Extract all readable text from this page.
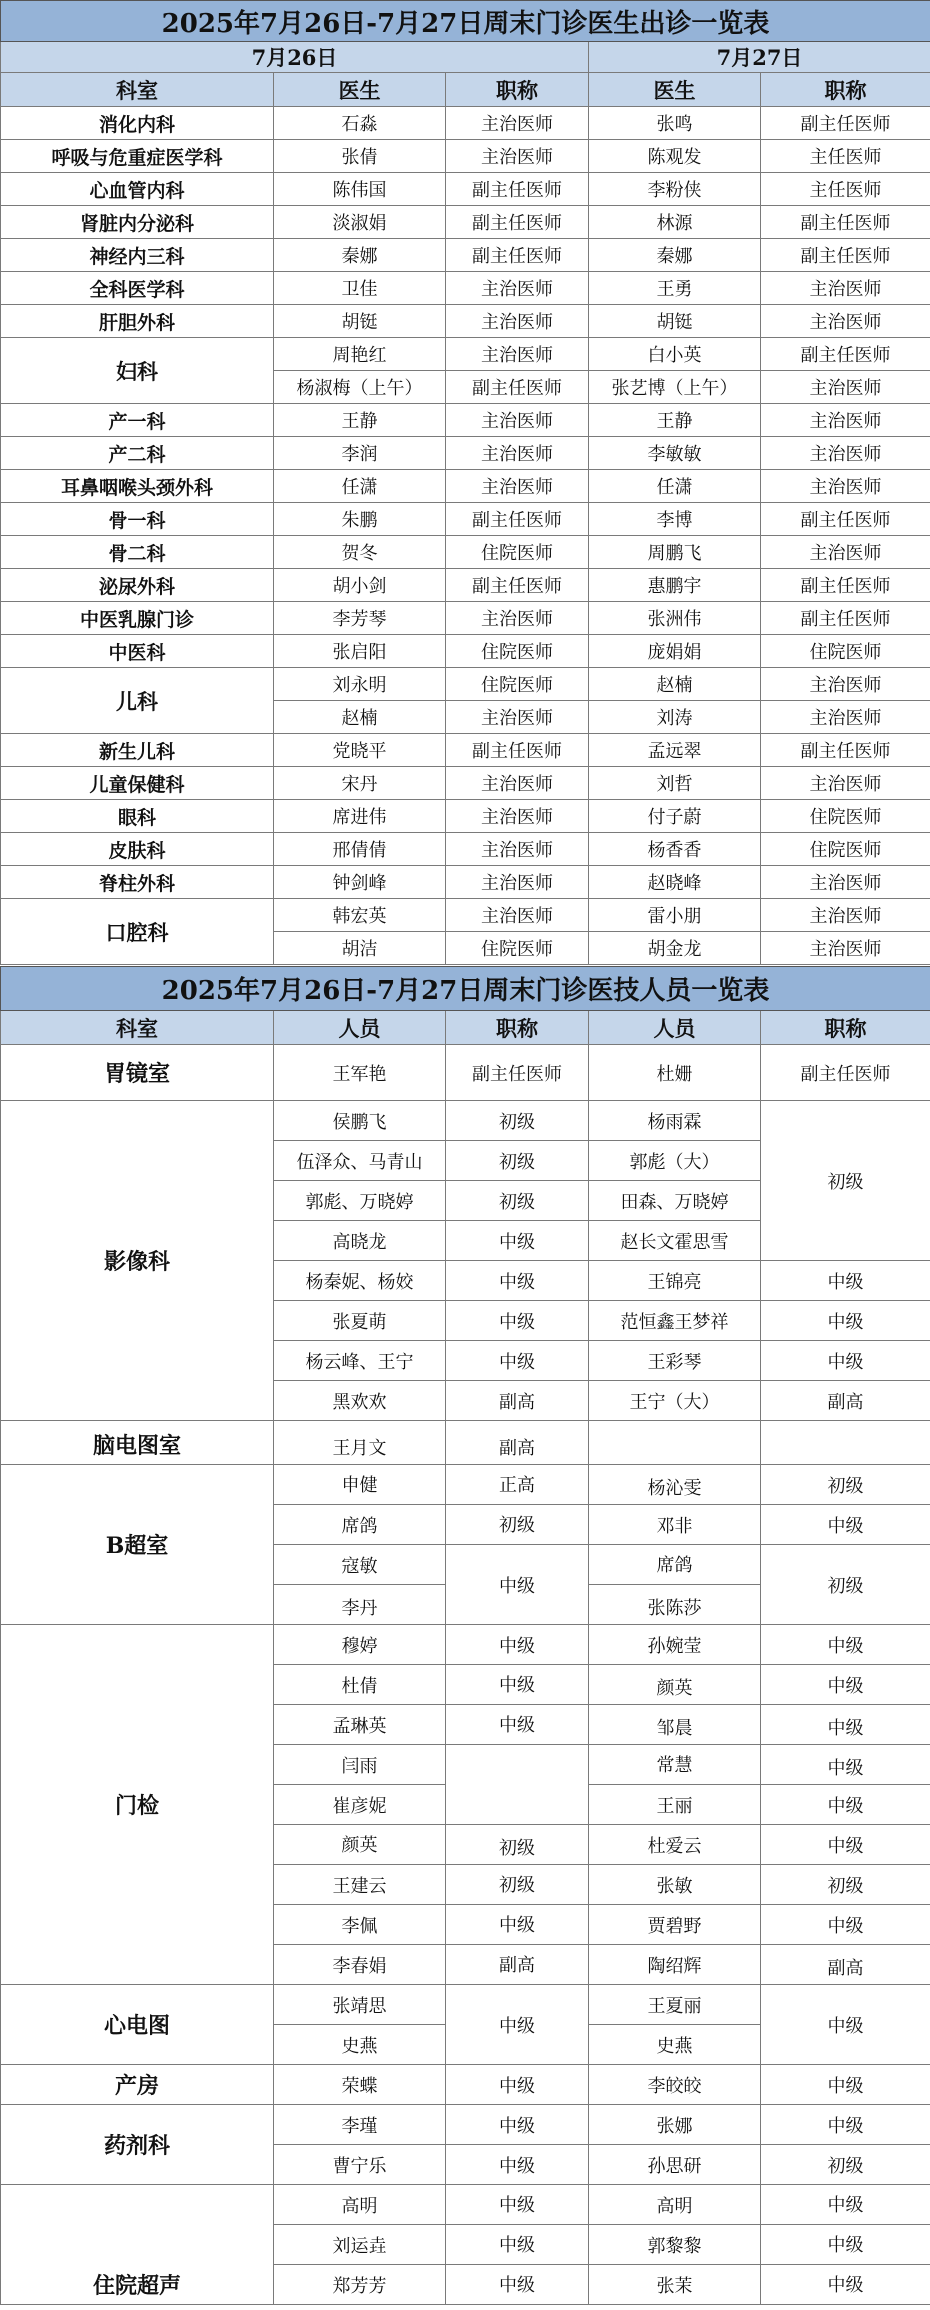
2025年7月26日-7月27日周末门诊医生出诊一览表				
7月26日			7月27日	
科室	医生	职称	医生	职称
消化内科	石淼	主治医师	张鸣	副主任医师
呼吸与危重症医学科	张倩	主治医师	陈观发	主任医师
心血管内科	陈伟国	副主任医师	李粉侠	主任医师
肾脏内分泌科	淡淑娟	副主任医师	林源	副主任医师
神经内三科	秦娜	副主任医师	秦娜	副主任医师
全科医学科	卫佳	主治医师	王勇	主治医师
肝胆外科	胡铤	主治医师	胡铤	主治医师
妇科	周艳红	主治医师	白小英	副主任医师
	杨淑梅（上午）	副主任医师	张艺博（上午）	主治医师
产一科	王静	主治医师	王静	主治医师
产二科	李润	主治医师	李敏敏	主治医师
耳鼻咽喉头颈外科	任潇	主治医师	任潇	主治医师
骨一科	朱鹏	副主任医师	李博	副主任医师
骨二科	贺冬	住院医师	周鹏飞	主治医师
泌尿外科	胡小剑	副主任医师	惠鹏宇	副主任医师
中医乳腺门诊	李芳琴	主治医师	张洲伟	副主任医师
中医科	张启阳	住院医师	庞娟娟	住院医师
儿科	刘永明	住院医师	赵楠	主治医师
	赵楠	主治医师	刘涛	主治医师
新生儿科	党晓平	副主任医师	孟远翠	副主任医师
儿童保健科	宋丹	主治医师	刘哲	主治医师
眼科	席进伟	主治医师	付子蔚	住院医师
皮肤科	邢倩倩	主治医师	杨香香	住院医师
脊柱外科	钟剑峰	主治医师	赵晓峰	主治医师
口腔科	韩宏英	主治医师	雷小朋	主治医师
	胡洁	住院医师	胡金龙	主治医师
2025年7月26日-7月27日周末门诊医技人员一览表				
科室	人员	职称	人员	职称
胃镜室	王军艳	副主任医师	杜姗	副主任医师
影像科	侯鹏飞	初级	杨雨霖	初级
	伍泽众、马青山	初级	郭彪（大）	
	郭彪、万晓婷	初级	田森、万晓婷	
	高晓龙	中级	赵长文霍思雪	
	杨秦妮、杨姣	中级	王锦亮	中级
	张夏萌	中级	范恒鑫王梦祥	中级
	杨云峰、王宁	中级	王彩琴	中级
	黑欢欢	副高	王宁（大）	副高
脑电图室	王月文	副高		
B超室	申健	正高	杨沁雯	初级
	席鸽	初级	邓非	中级
	寇敏	中级	席鸽	初级
	李丹		张陈莎	
门检	穆婷	中级	孙婉莹	中级
	杜倩	中级	颜英	中级
	孟琳英	中级	邹晨	中级
	闫雨		常慧	中级
	崔彦妮		王丽	中级
	颜英	初级	杜爱云	中级
	王建云	初级	张敏	初级
	李佩	中级	贾碧野	中级
	李春娟	副高	陶绍辉	副高
心电图	张靖思	中级	王夏丽	中级
	史燕		史燕	
产房	荣蝶	中级	李皎皎	中级
药剂科	李瑾	中级	张娜	中级
	曹宁乐	中级	孙思研	初级
住院超声	高明	中级	高明	中级
	刘运垚	中级	郭黎黎	中级
	郑芳芳	中级	张茉	中级
